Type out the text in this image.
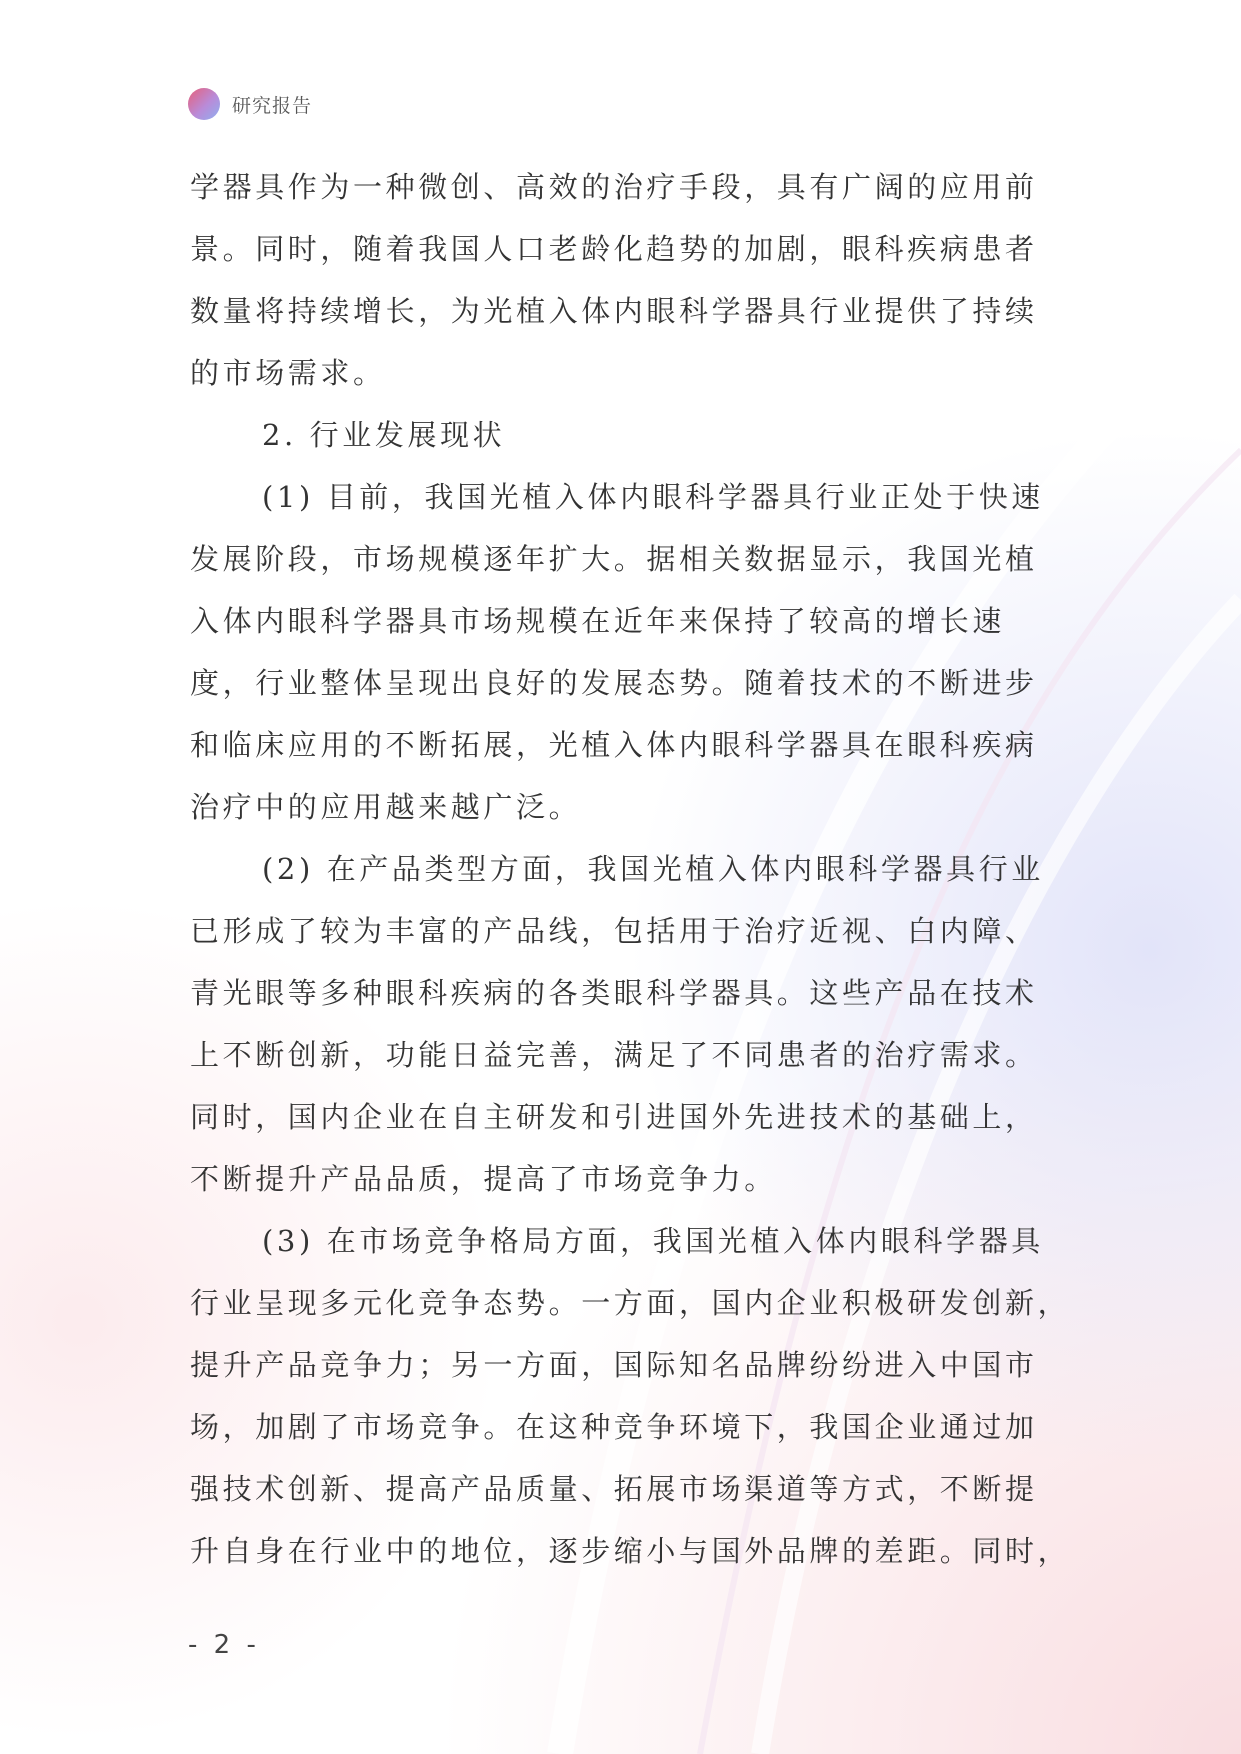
研究报告
学器具作为一种微创、高效的治疗手段，具有广阔的应用前
景。同时，随着我国人口老龄化趋势的加剧，眼科疾病患者
数量将持续增长，为光植入体内眼科学器具行业提供了持续
的市场需求。
2. 行业发展现状
(1) 目前，我国光植入体内眼科学器具行业正处于快速
发展阶段，市场规模逐年扩大。据相关数据显示，我国光植
入体内眼科学器具市场规模在近年来保持了较高的增长速
度，行业整体呈现出良好的发展态势。随着技术的不断进步
和临床应用的不断拓展，光植入体内眼科学器具在眼科疾病
治疗中的应用越来越广泛。
(2) 在产品类型方面，我国光植入体内眼科学器具行业
已形成了较为丰富的产品线，包括用于治疗近视、白内障、
青光眼等多种眼科疾病的各类眼科学器具。这些产品在技术
上不断创新，功能日益完善，满足了不同患者的治疗需求。
同时，国内企业在自主研发和引进国外先进技术的基础上，
不断提升产品品质，提高了市场竞争力。
(3) 在市场竞争格局方面，我国光植入体内眼科学器具
行业呈现多元化竞争态势。一方面，国内企业积极研发创新，
提升产品竞争力；另一方面，国际知名品牌纷纷进入中国市
场，加剧了市场竞争。在这种竞争环境下，我国企业通过加
强技术创新、提高产品质量、拓展市场渠道等方式，不断提
升自身在行业中的地位，逐步缩小与国外品牌的差距。同时，
- 2 -
